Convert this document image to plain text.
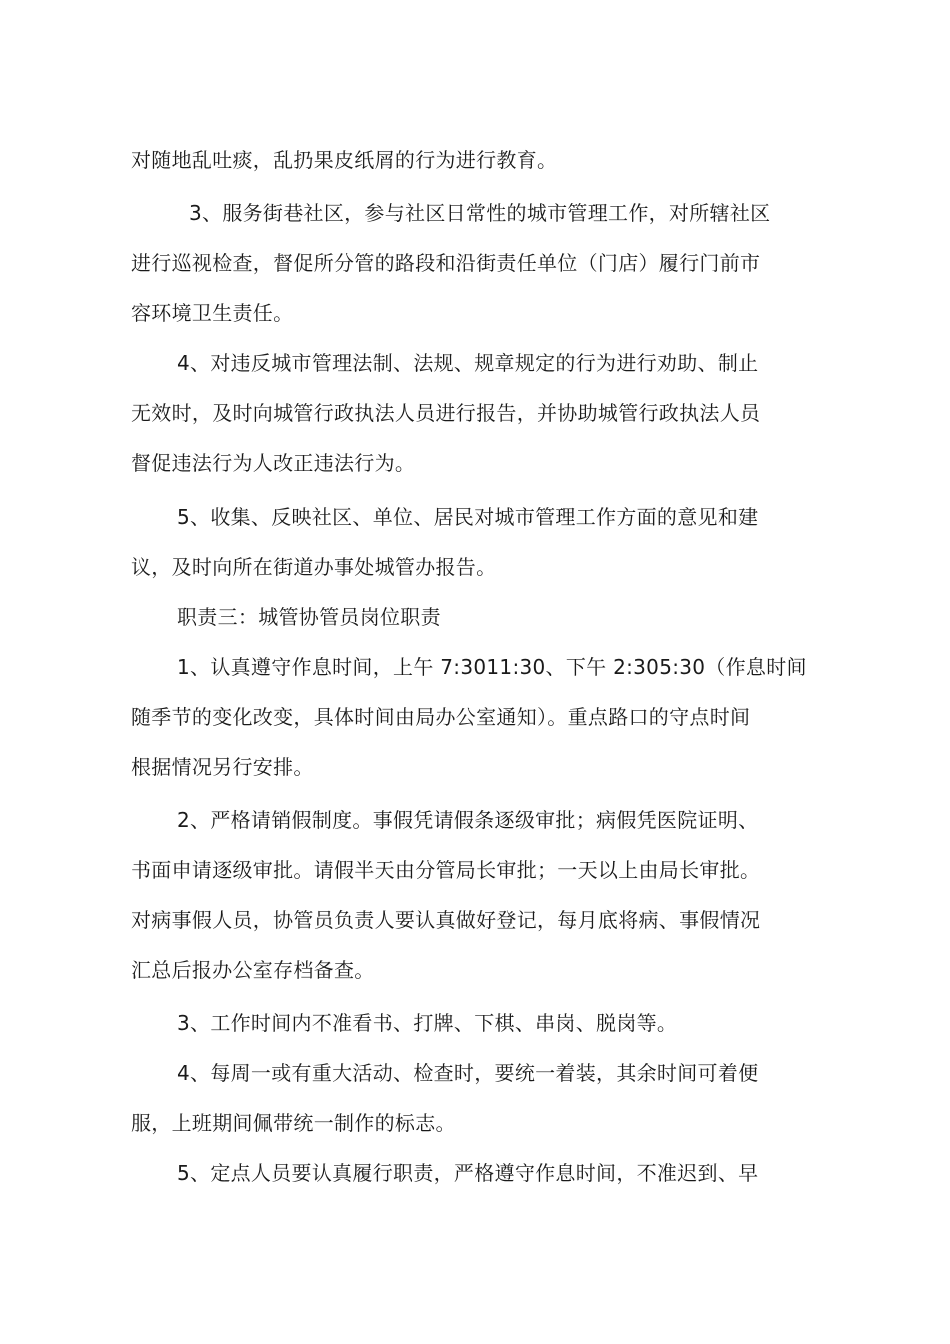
对随地乱吐痰，乱扔果皮纸屑的行为进行教育。
3、服务街巷社区，参与社区日常性的城市管理工作，对所辖社区
进行巡视检查，督促所分管的路段和沿街责任单位（门店）履行门前市
容环境卫生责任。
4、对违反城市管理法制、法规、规章规定的行为进行劝助、制止
无效时，及时向城管行政执法人员进行报告，并协助城管行政执法人员
督促违法行为人改正违法行为。
5、收集、反映社区、单位、居民对城市管理工作方面的意见和建
议，及时向所在街道办事处城管办报告。
职责三：城管协管员岗位职责
1、认真遵守作息时间，上午 7:3011:30、下午 2:305:30（作息时间
随季节的变化改变，具体时间由局办公室通知）。重点路口的守点时间
根据情况另行安排。
2、严格请销假制度。事假凭请假条逐级审批；病假凭医院证明、
书面申请逐级审批。请假半天由分管局长审批；一天以上由局长审批。
对病事假人员，协管员负责人要认真做好登记，每月底将病、事假情况
汇总后报办公室存档备查。
3、工作时间内不准看书、打牌、下棋、串岗、脱岗等。
4、每周一或有重大活动、检查时，要统一着装，其余时间可着便
服，上班期间佩带统一制作的标志。
5、定点人员要认真履行职责，严格遵守作息时间，不准迟到、早
